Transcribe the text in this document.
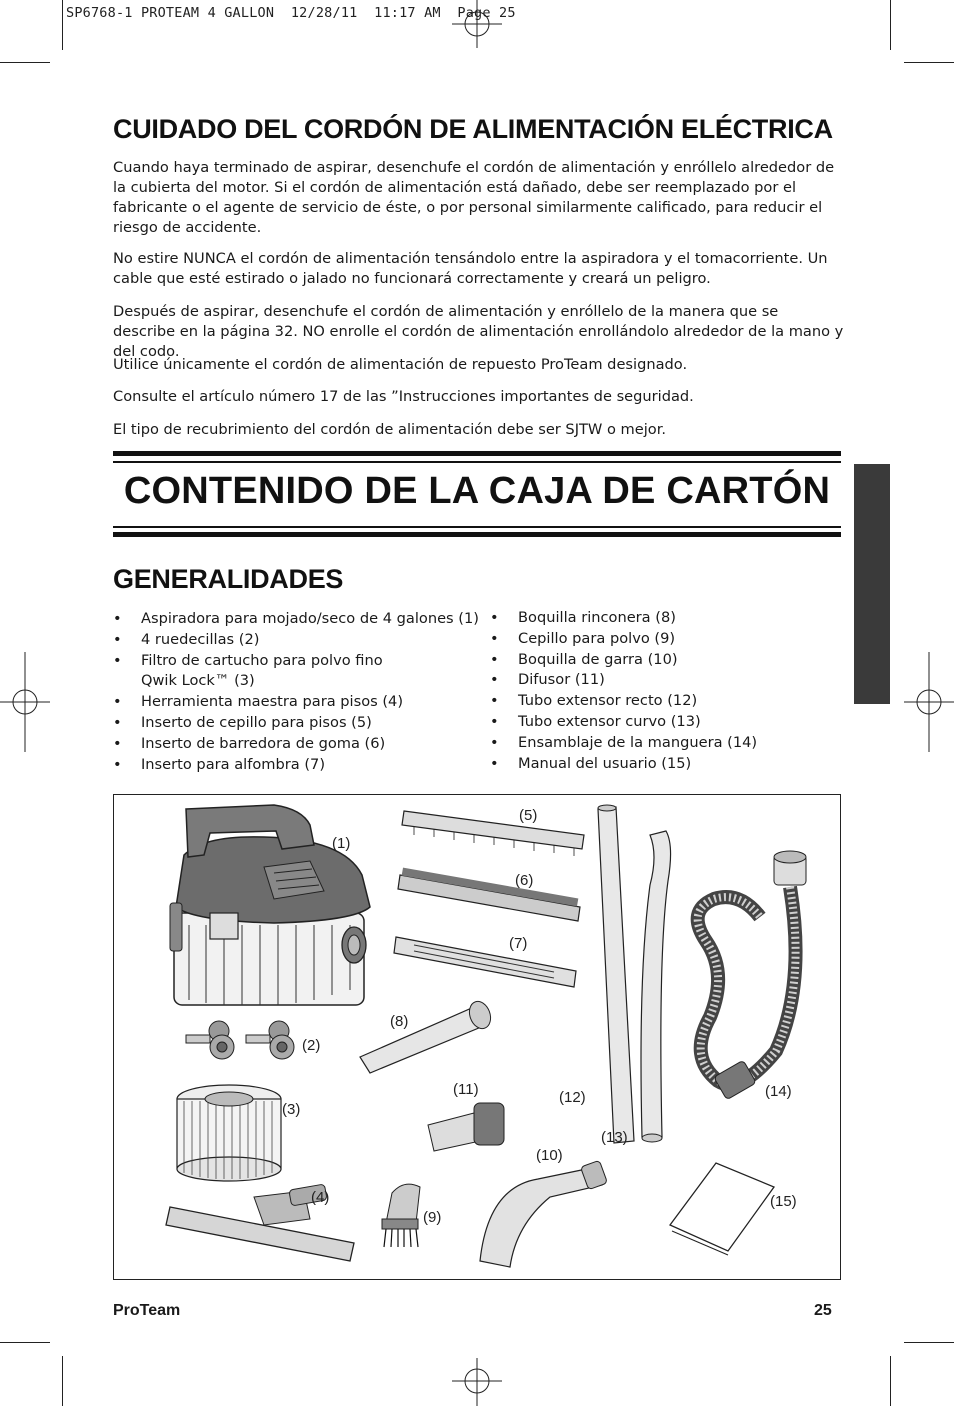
SP6768-1 PROTEAM 4 GALLON  12/28/11  11:17 AM  Page 25
CUIDADO DEL CORDÓN DE ALIMENTACIÓN ELÉCTRICA
Cuando haya terminado de aspirar, desenchufe el cordón de alimentación y enróllelo alrededor de la cubierta del motor. Si el cordón de alimentación está dañado, debe ser reemplazado por el fabricante o el agente de servicio de éste, o por personal similarmente calificado, para reducir el riesgo de accidente.
No estire NUNCA el cordón de alimentación tensándolo entre la aspiradora y el tomacorriente. Un cable que esté estirado o jalado no funcionará correctamente y creará un peligro.
Después de aspirar, desenchufe el cordón de alimentación y enróllelo de la manera que se describe en la página 32. NO enrolle el cordón de alimentación enrollándolo alrededor de la mano y del codo.
Utilice únicamente el cordón de alimentación de repuesto ProTeam designado.
Consulte el artículo número 17 de las ”Instrucciones importantes de seguridad.
El tipo de recubrimiento del cordón de alimentación debe ser SJTW o mejor.
CONTENIDO DE LA CAJA DE CARTÓN
GENERALIDADES
• Aspiradora para mojado/seco de 4 galones (1)
• 4 ruedecillas (2)
• Filtro de cartucho para polvo fino
Qwik Lock™ (3)
• Herramienta maestra para pisos (4)
• Inserto de cepillo para pisos (5)
• Inserto de barredora de goma (6)
• Inserto para alfombra (7)
• Boquilla rinconera (8)
• Cepillo para polvo (9)
• Boquilla de garra (10)
• Difusor (11)
• Tubo extensor recto (12)
• Tubo extensor curvo (13)
• Ensamblaje de la manguera (14)
• Manual del usuario (15)
(1)
(2)
(3)
(4)
(5)
(6)
(7)
(8)
(9)
(10)
(11)	(12)
(13)
(14)
(15)
ProTeam	25
